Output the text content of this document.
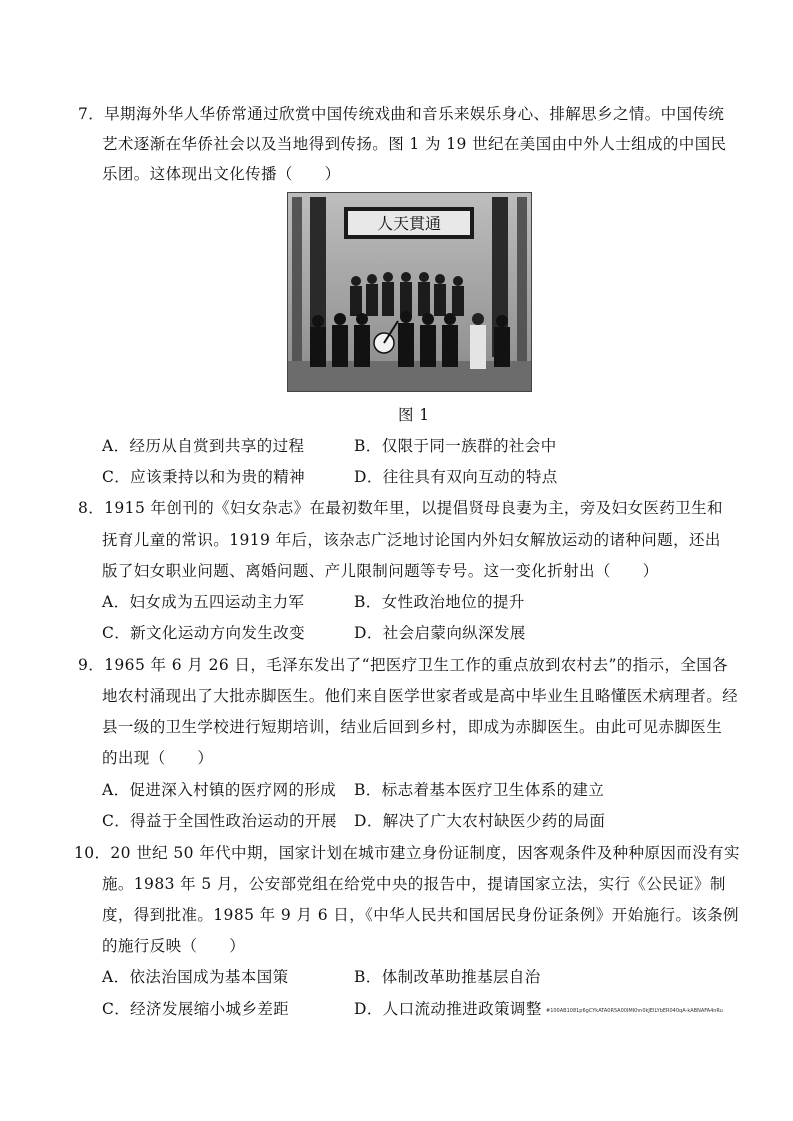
7．早期海外华人华侨常通过欣赏中国传统戏曲和音乐来娱乐身心、排解思乡之情。中国传统
艺术逐渐在华侨社会以及当地得到传扬。图 1 为 19 世纪在美国由中外人士组成的中国民
乐团。这体现出文化传播（　　）
人天貫通
图 1
A．经历从自赏到共享的过程	B．仅限于同一族群的社会中
C．应该秉持以和为贵的精神	D．往往具有双向互动的特点
8．1915 年创刊的《妇女杂志》在最初数年里，以提倡贤母良妻为主，旁及妇女医药卫生和
抚育儿童的常识。1919 年后，该杂志广泛地讨论国内外妇女解放运动的诸种问题，还出
版了妇女职业问题、离婚问题、产儿限制问题等专号。这一变化折射出（　　）
A．妇女成为五四运动主力军	B．女性政治地位的提升
C．新文化运动方向发生改变	D．社会启蒙向纵深发展
9．1965 年 6 月 26 日，毛泽东发出了“把医疗卫生工作的重点放到农村去”的指示，全国各
地农村涌现出了大批赤脚医生。他们来自医学世家者或是高中毕业生且略懂医术病理者。经
县一级的卫生学校进行短期培训，结业后回到乡村，即成为赤脚医生。由此可见赤脚医生
的出现（　　）
A．促进深入村镇的医疗网的形成 B．标志着基本医疗卫生体系的建立
C．得益于全国性政治运动的开展 D．解决了广大农村缺医少药的局面
10．20 世纪 50 年代中期，国家计划在城市建立身份证制度，因客观条件及种种原因而没有实
施。1983 年 5 月，公安部党组在给党中央的报告中，提请国家立法，实行《公民证》制
度，得到批准。1985 年 9 月 6 日，《中华人民共和国居民身份证条例》开始施行。该条例
的施行反映（　　）
A．依法治国成为基本国策	B．体制改革助推基层自治
C．经济发展缩小城乡差距	D．人口流动推进政策调整 #100AB1081p6gCYkATA0R5A00IMKhn0kJEILYbER040qA-kABNAFA4nRu
